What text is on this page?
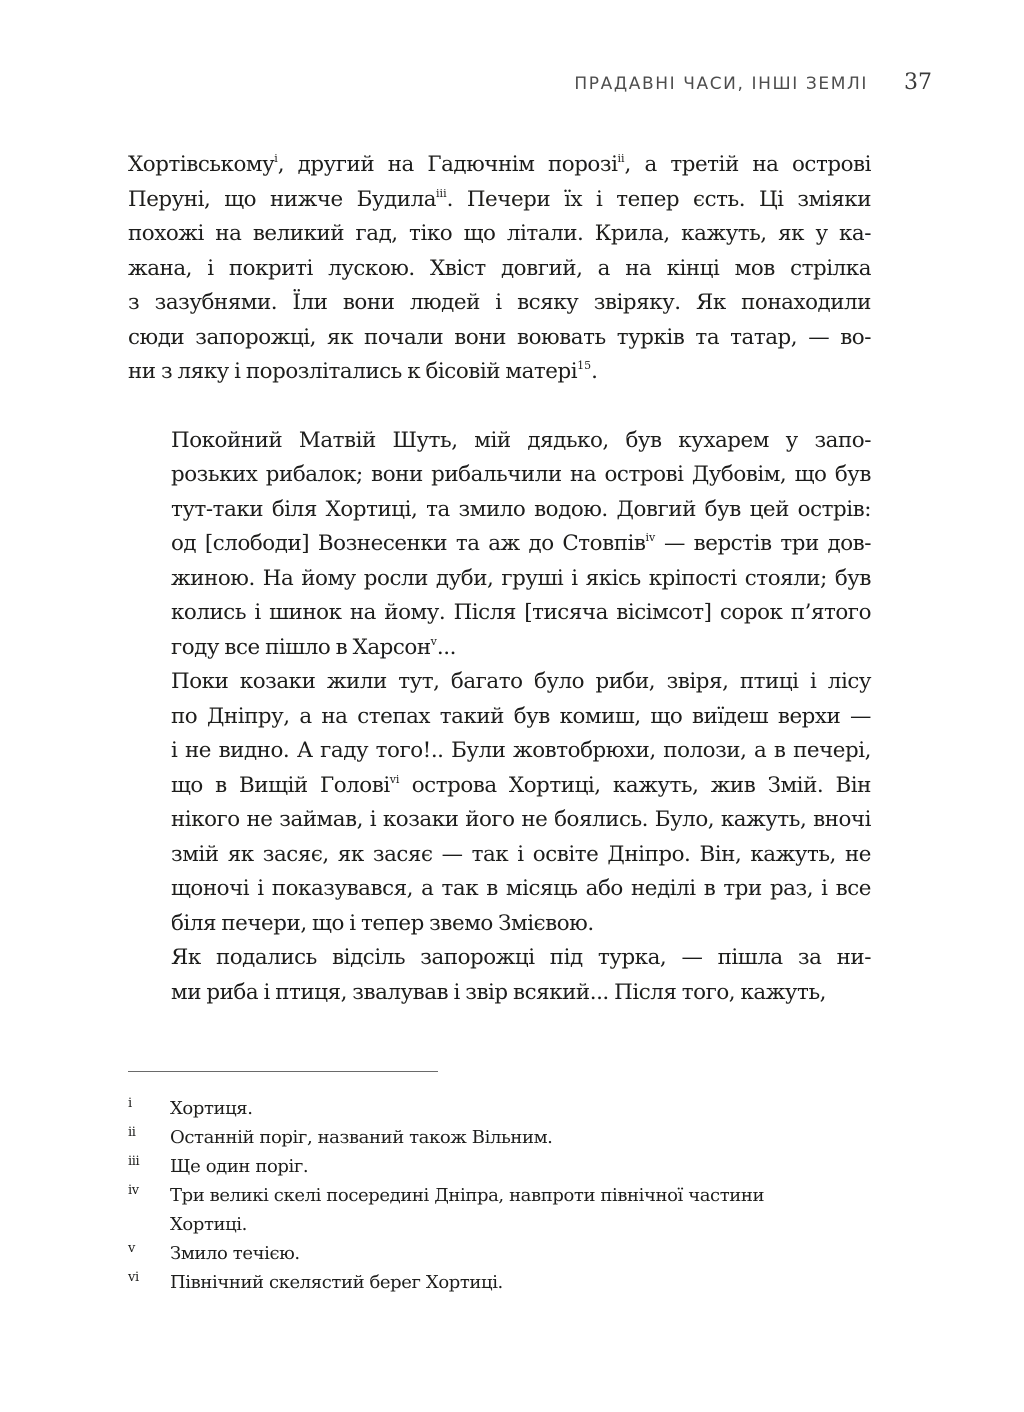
ПРАДАВНІ ЧАСИ, ІНШІ ЗЕМЛІ 37

Хортівському$^i$, другий на Гадючнім порозі$^{ii}$, а третій на острові
Перуні, що нижче Будила$^{iii}$. Печери їх і тепер єсть. Ці зміяки
похожі на великий гад, тіко що літали. Крила, кажуть, як у ка-
жана, і покриті лускою. Хвіст довгий, а на кінці мов стрілка
з зазубнями. Їли вони людей і всяку звіряку. Як понаходили
сюди запорожці, як почали вони воювать турків та татар, — во-
ни з ляку і порозлітались к бісовій матері$^{15}$.

Покойний Матвій Шуть, мій дядько, був кухарем у запо-
розьких рибалок; вони рибальчили на острові Дубовім, що був
тут-таки біля Хортиці, та змило водою. Довгий був цей острів:
од [слободи] Вознесенки та аж до Стовпів$^{iv}$ — верстів три дов-
жиною. На йому росли дуби, груші і якісь кріпості стояли; був
колись і шинок на йому. Після [тисяча вісімсот] сорок п’ятого
году все пішло в Харсон$^v$...

Поки козаки жили тут, багато було риби, звіря, птиці і лісу
по Дніпру, а на степах такий був комиш, що виїдеш верхи —
і не видно. А гаду того!.. Були жовтобрюхи, полози, а в печері,
що в Вищій Голові$^{vi}$ острова Хортиці, кажуть, жив Змій. Він
нікого не займав, і козаки його не боялись. Було, кажуть, вночі
змій як засяє, як засяє — так і освіте Дніпро. Він, кажуть, не
щоночі і показувався, а так в місяць або неділі в три раз, і все
біля печери, що і тепер звемо Змієвою.

Як подались відсіль запорожці під турка, — пішла за ни-
ми риба і птиця, звалував і звір всякий... Після того, кажуть,

i	Хортиця.
ii	Останній поріг, названий також Вільним.
iii	Ще один поріг.
iv	Три великі скелі посередині Дніпра, навпроти північної частини
Хортиці.
v	Змило течією.
vi	Північний скелястий берег Хортиці.
